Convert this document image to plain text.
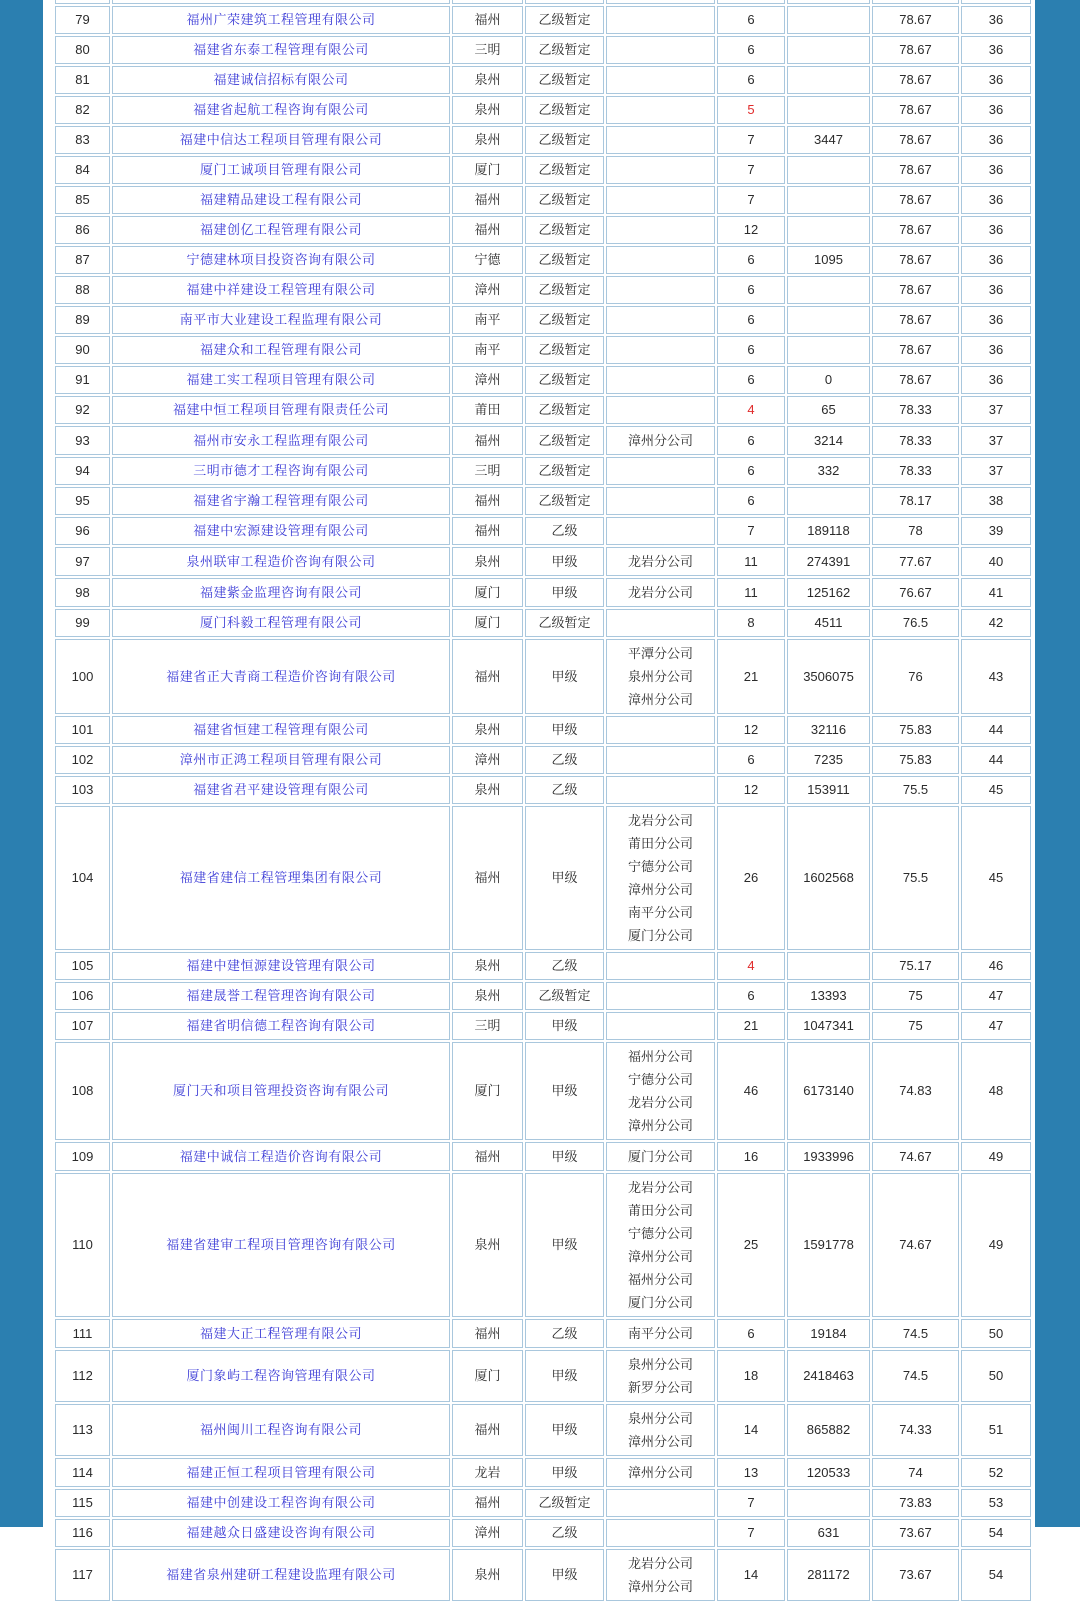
79	福州广荣建筑工程管理有限公司	福州	乙级暂定		6		78.67	36
80	福建省东泰工程管理有限公司	三明	乙级暂定		6		78.67	36
81	福建诚信招标有限公司	泉州	乙级暂定		6		78.67	36
82	福建省起航工程咨询有限公司	泉州	乙级暂定		5		78.67	36
83	福建中信达工程项目管理有限公司	泉州	乙级暂定		7	3447	78.67	36
84	厦门工诚项目管理有限公司	厦门	乙级暂定		7		78.67	36
85	福建精品建设工程有限公司	福州	乙级暂定		7		78.67	36
86	福建创亿工程管理有限公司	福州	乙级暂定		12		78.67	36
87	宁德建林项目投资咨询有限公司	宁德	乙级暂定		6	1095	78.67	36
88	福建中祥建设工程管理有限公司	漳州	乙级暂定		6		78.67	36
89	南平市大业建设工程监理有限公司	南平	乙级暂定		6		78.67	36
90	福建众和工程管理有限公司	南平	乙级暂定		6		78.67	36
91	福建工实工程项目管理有限公司	漳州	乙级暂定		6	0	78.67	36
92	福建中恒工程项目管理有限责任公司	莆田	乙级暂定		4	65	78.33	37
93	福州市安永工程监理有限公司	福州	乙级暂定	漳州分公司	6	3214	78.33	37
94	三明市德才工程咨询有限公司	三明	乙级暂定		6	332	78.33	37
95	福建省宇瀚工程管理有限公司	福州	乙级暂定		6		78.17	38
96	福建中宏源建设管理有限公司	福州	乙级		7	189118	78	39
97	泉州联审工程造价咨询有限公司	泉州	甲级	龙岩分公司	11	274391	77.67	40
98	福建紫金监理咨询有限公司	厦门	甲级	龙岩分公司	11	125162	76.67	41
99	厦门科毅工程管理有限公司	厦门	乙级暂定		8	4511	76.5	42
100	福建省正大青商工程造价咨询有限公司	福州	甲级	平潭分公司
泉州分公司
漳州分公司	21	3506075	76	43
101	福建省恒建工程管理有限公司	泉州	甲级		12	32116	75.83	44
102	漳州市正鸿工程项目管理有限公司	漳州	乙级		6	7235	75.83	44
103	福建省君平建设管理有限公司	泉州	乙级		12	153911	75.5	45
104	福建省建信工程管理集团有限公司	福州	甲级	
龙岩分公司
莆田分公司
宁德分公司
漳州分公司
南平分公司
厦门分公司
	26	1602568	75.5	45
105	福建中建恒源建设管理有限公司	泉州	乙级		4		75.17	46
106	福建晟誉工程管理咨询有限公司	泉州	乙级暂定		6	13393	75	47
107	福建省明信德工程咨询有限公司	三明	甲级		21	1047341	75	47
108	厦门天和项目管理投资咨询有限公司	厦门	甲级	福州分公司
宁德分公司
龙岩分公司
漳州分公司	46	6173140	74.83	48
109	福建中诚信工程造价咨询有限公司	福州	甲级	厦门分公司	16	1933996	74.67	49
110	福建省建审工程项目管理咨询有限公司	泉州	甲级	
龙岩分公司
莆田分公司
宁德分公司
漳州分公司
福州分公司
厦门分公司
	25	1591778	74.67	49
111	福建大正工程管理有限公司	福州	乙级	南平分公司	6	19184	74.5	50
112	厦门象屿工程咨询管理有限公司	厦门	甲级	泉州分公司
新罗分公司	18	2418463	74.5	50
113	福州闽川工程咨询有限公司	福州	甲级	泉州分公司
漳州分公司	14	865882	74.33	51
114	福建正恒工程项目管理有限公司	龙岩	甲级	漳州分公司	13	120533	74	52
115	福建中创建设工程咨询有限公司	福州	乙级暂定		7		73.83	53
116	福建越众日盛建设咨询有限公司	漳州	乙级		7	631	73.67	54
117	福建省泉州建研工程建设监理有限公司	泉州	甲级	龙岩分公司
漳州分公司	14	281172	73.67	54
